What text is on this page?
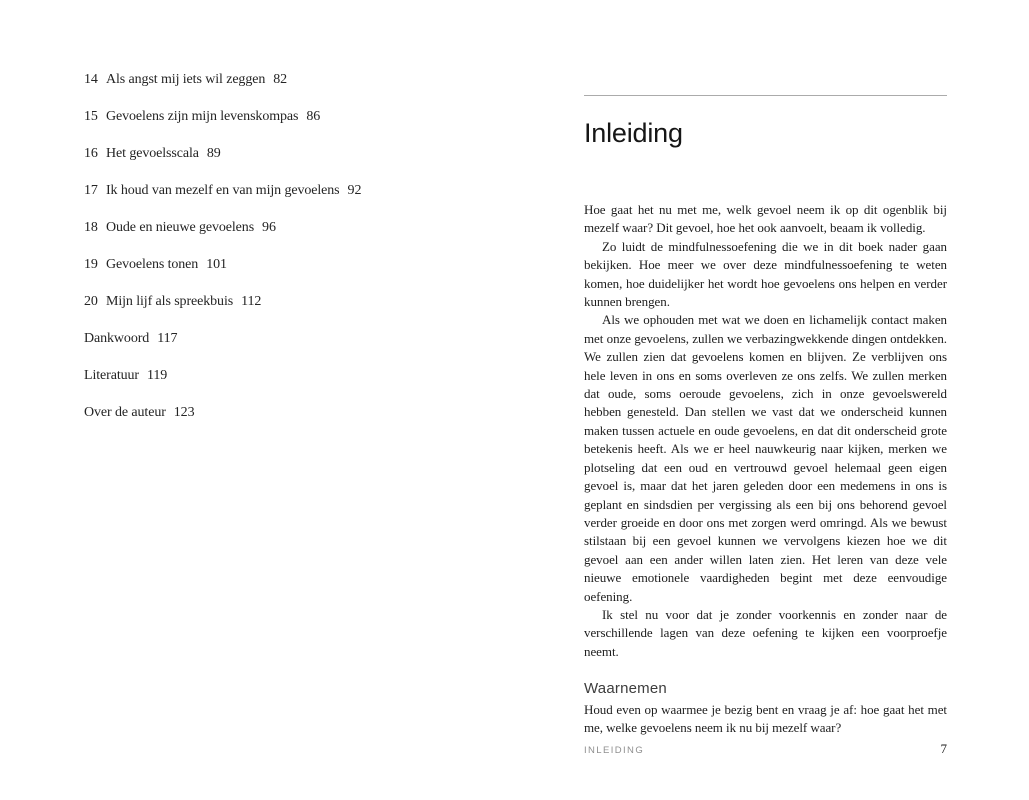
14 Als angst mij iets wil zeggen 82
15 Gevoelens zijn mijn levenskompas 86
16 Het gevoelsscala 89
17 Ik houd van mezelf en van mijn gevoelens 92
18 Oude en nieuwe gevoelens 96
19 Gevoelens tonen 101
20 Mijn lijf als spreekbuis 112
Dankwoord 117
Literatuur 119
Over de auteur 123
Inleiding

Hoe gaat het nu met me, welk gevoel neem ik op dit ogenblik bij mezelf waar? Dit gevoel, hoe het ook aanvoelt, beaam ik volledig.

Zo luidt de mindfulnessoefening die we in dit boek nader gaan bekijken. Hoe meer we over deze mindfulnessoefening te weten komen, hoe duidelijker het wordt hoe gevoelens ons helpen en verder kunnen brengen.

Als we ophouden met wat we doen en lichamelijk contact maken met onze gevoelens, zullen we verbazingwekkende dingen ontdekken. We zullen zien dat gevoelens komen en blijven. Ze verblijven ons hele leven in ons en soms overleven ze ons zelfs. We zullen merken dat oude, soms oeroude gevoelens, zich in onze gevoelswereld hebben genesteld. Dan stellen we vast dat we onderscheid kunnen maken tussen actuele en oude gevoelens, en dat dit onderscheid grote betekenis heeft. Als we er heel nauwkeurig naar kijken, merken we plotseling dat een oud en vertrouwd gevoel helemaal geen eigen gevoel is, maar dat het jaren geleden door een medemens in ons is geplant en sindsdien per vergissing als een bij ons behorend gevoel verder groeide en door ons met zorgen werd omringd. Als we bewust stilstaan bij een gevoel kunnen we vervolgens kiezen hoe we dit gevoel aan een ander willen laten zien. Het leren van deze vele nieuwe emotionele vaardigheden begint met deze eenvoudige oefening.

Ik stel nu voor dat je zonder voorkennis en zonder naar de verschillende lagen van deze oefening te kijken een voorproefje neemt.

Waarnemen

Houd even op waarmee je bezig bent en vraag je af: hoe gaat het met me, welke gevoelens neem ik nu bij mezelf waar?

INLEIDING	7
